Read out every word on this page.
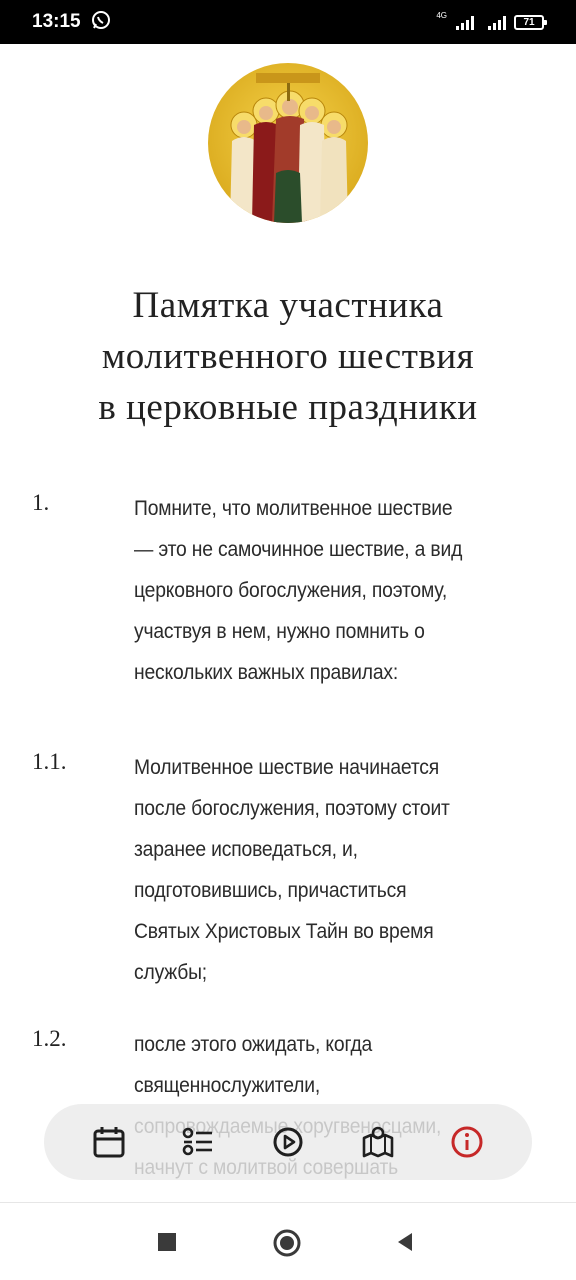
13:15	4G
71
Памятка участника
молитвенного шествия
в церковные праздники
1.	Помните, что молитвенное шествие
— это не самочинное шествие, а вид
церковного богослужения, поэтому,
участвуя в нем, нужно помнить о
нескольких важных правилах:
1.1.	Молитвенное шествие начинается
после богослужения, поэтому стоит
заранее исповедаться, и,
подготовившись, причаститься
Святых Христовых Тайн во время
службы;
1.2.	после этого ожидать, когда
священнослужители,
